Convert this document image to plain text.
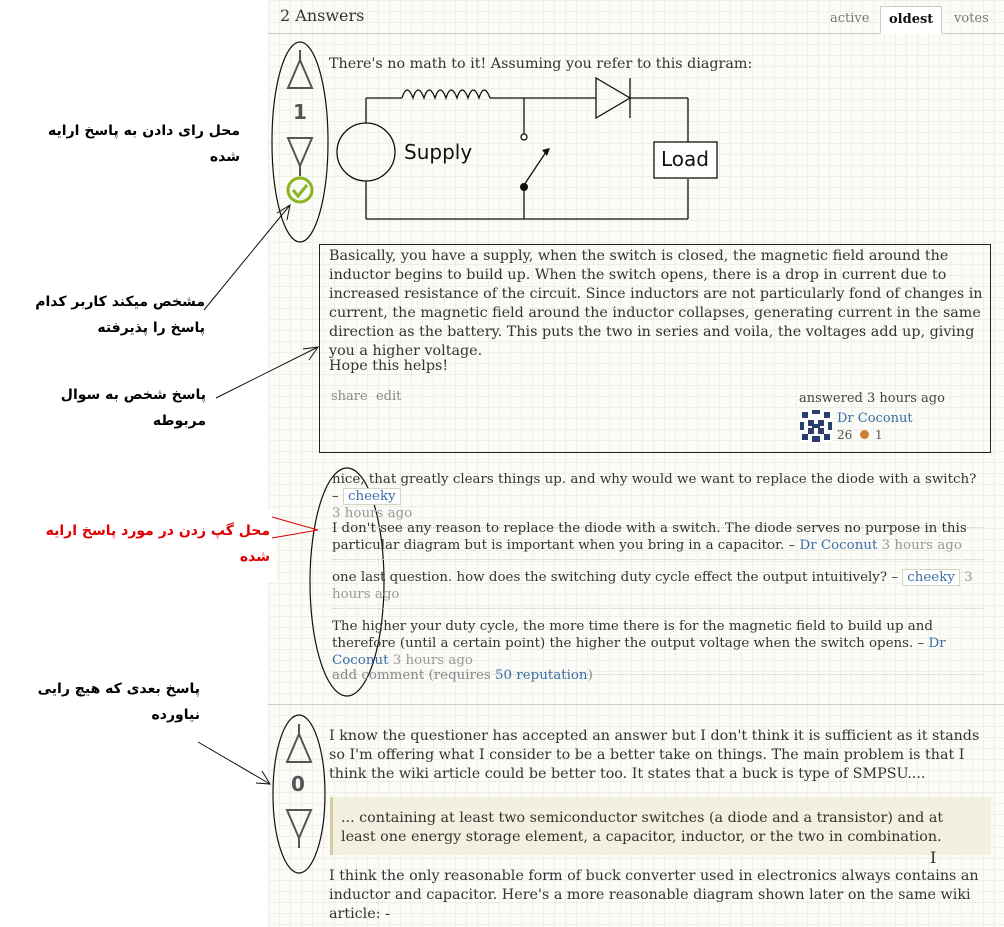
2 Answers	active	oldest	votes
1
There's no math to it! Assuming you refer to this diagram:
Supply	Load
Basically, you have a supply, when the switch is closed, the magnetic field around the inductor begins to build up. When the switch opens, there is a drop in current due to increased resistance of the circuit. Since inductors are not particularly fond of changes in current, the magnetic field around the inductor collapses, generating current in the same direction as the battery. This puts the two in series and voila, the voltages add up, giving you a higher voltage.
Hope this helps!
share edit	answered 3 hours ago
Dr Coconut
26 1
nice, that greatly clears things up. and why would we want to replace the diode with a switch? – cheeky
3 hours ago
I don't see any reason to replace the diode with a switch. The diode serves no purpose in this particular diagram but is important when you bring in a capacitor. – Dr Coconut 3 hours ago
one last question. how does the switching duty cycle effect the output intuitively? – cheeky 3 hours ago
The higher your duty cycle, the more time there is for the magnetic field to build up and therefore (until a certain point) the higher the output voltage when the switch opens. – Dr Coconut 3 hours ago
add comment (requires 50 reputation)
0
I know the questioner has accepted an answer but I don't think it is sufficient as it stands so I'm offering what I consider to be a better take on things. The main problem is that I think the wiki article could be better too. It states that a buck is type of SMPSU....
... containing at least two semiconductor switches (a diode and a transistor) and at least one energy storage element, a capacitor, inductor, or the two in combination.
I
I think the only reasonable form of buck converter used in electronics always contains an inductor and capacitor. Here's a more reasonable diagram shown later on the same wiki article: -
محل رای دادن به پاسخ ارایه شده
مشخص میکند کاربر کدام پاسخ را پذیرفته
پاسخ شخص به سوال مربوطه
محل گپ زدن در مورد پاسخ ارایه شده
پاسخ بعدی که هیچ رایی نیاورده
